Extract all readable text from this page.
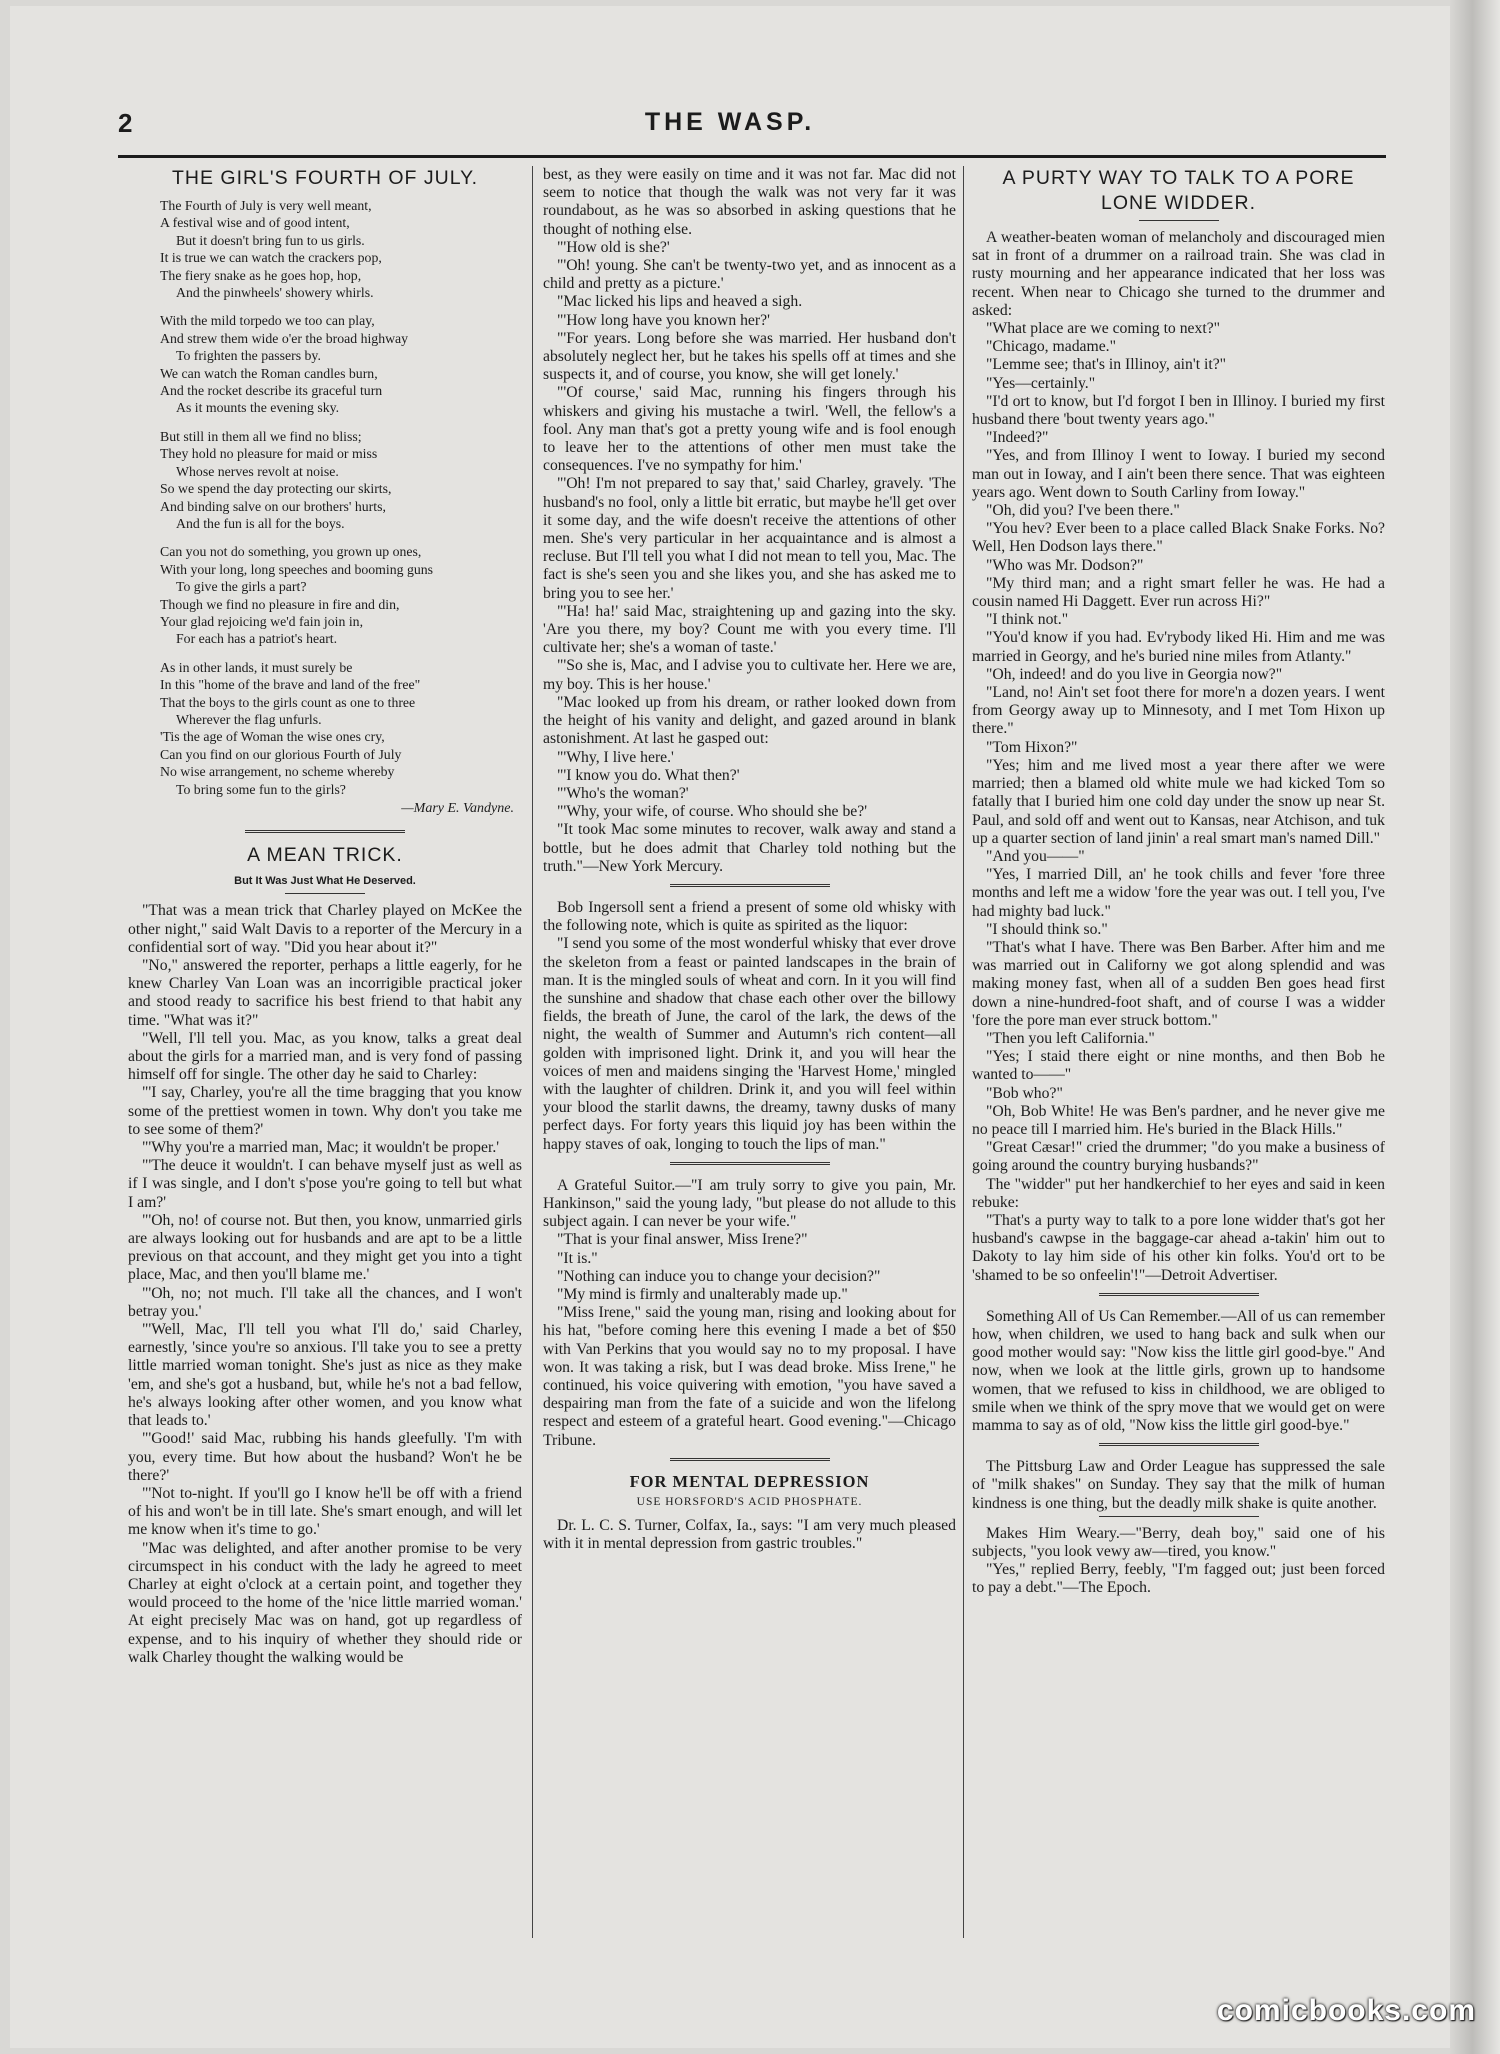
2	THE WASP.
THE GIRL'S FOURTH OF JULY.
The Fourth of July is very well meant,
A festival wise and of good intent,
But it doesn't bring fun to us girls.
It is true we can watch the crackers pop,
The fiery snake as he goes hop, hop,
And the pinwheels' showery whirls.
With the mild torpedo we too can play,
And strew them wide o'er the broad highway
To frighten the passers by.
We can watch the Roman candles burn,
And the rocket describe its graceful turn
As it mounts the evening sky.
But still in them all we find no bliss;
They hold no pleasure for maid or miss
Whose nerves revolt at noise.
So we spend the day protecting our skirts,
And binding salve on our brothers' hurts,
And the fun is all for the boys.
Can you not do something, you grown up ones,
With your long, long speeches and booming guns
To give the girls a part?
Though we find no pleasure in fire and din,
Your glad rejoicing we'd fain join in,
For each has a patriot's heart.
As in other lands, it must surely be
In this "home of the brave and land of the free"
That the boys to the girls count as one to three
Wherever the flag unfurls.
'Tis the age of Woman the wise ones cry,
Can you find on our glorious Fourth of July
No wise arrangement, no scheme whereby
To bring some fun to the girls?
—Mary E. Vandyne.
A MEAN TRICK.
But It Was Just What He Deserved.

"That was a mean trick that Charley played on McKee the other night," said Walt Davis to a reporter of the Mercury in a confidential sort of way. "Did you hear about it?"

"No," answered the reporter, perhaps a little eagerly, for he knew Charley Van Loan was an incorrigible practical joker and stood ready to sacrifice his best friend to that habit any time. "What was it?"

"Well, I'll tell you. Mac, as you know, talks a great deal about the girls for a married man, and is very fond of passing himself off for single. The other day he said to Charley:

"'I say, Charley, you're all the time bragging that you know some of the prettiest women in town. Why don't you take me to see some of them?'

"'Why you're a married man, Mac; it wouldn't be proper.'

"'The deuce it wouldn't. I can behave myself just as well as if I was single, and I don't s'pose you're going to tell but what I am?'

"'Oh, no! of course not. But then, you know, unmarried girls are always looking out for husbands and are apt to be a little previous on that account, and they might get you into a tight place, Mac, and then you'll blame me.'

"'Oh, no; not much. I'll take all the chances, and I won't betray you.'

"'Well, Mac, I'll tell you what I'll do,' said Charley, earnestly, 'since you're so anxious. I'll take you to see a pretty little married woman tonight. She's just as nice as they make 'em, and she's got a husband, but, while he's not a bad fellow, he's always looking after other women, and you know what that leads to.'

"'Good!' said Mac, rubbing his hands gleefully. 'I'm with you, every time. But how about the husband? Won't he be there?'

"'Not to-night. If you'll go I know he'll be off with a friend of his and won't be in till late. She's smart enough, and will let me know when it's time to go.'

"Mac was delighted, and after another promise to be very circumspect in his conduct with the lady he agreed to meet Charley at eight o'clock at a certain point, and together they would proceed to the home of the 'nice little married woman.' At eight precisely Mac was on hand, got up regardless of expense, and to his inquiry of whether they should ride or walk Charley thought the walking would be

best, as they were easily on time and it was not far. Mac did not seem to notice that though the walk was not very far it was roundabout, as he was so absorbed in asking questions that he thought of nothing else.

"'How old is she?'

"'Oh! young. She can't be twenty-two yet, and as innocent as a child and pretty as a picture.'

"Mac licked his lips and heaved a sigh.

"'How long have you known her?'

"'For years. Long before she was married. Her husband don't absolutely neglect her, but he takes his spells off at times and she suspects it, and of course, you know, she will get lonely.'

"'Of course,' said Mac, running his fingers through his whiskers and giving his mustache a twirl. 'Well, the fellow's a fool. Any man that's got a pretty young wife and is fool enough to leave her to the attentions of other men must take the consequences. I've no sympathy for him.'

"'Oh! I'm not prepared to say that,' said Charley, gravely. 'The husband's no fool, only a little bit erratic, but maybe he'll get over it some day, and the wife doesn't receive the attentions of other men. She's very particular in her acquaintance and is almost a recluse. But I'll tell you what I did not mean to tell you, Mac. The fact is she's seen you and she likes you, and she has asked me to bring you to see her.'

"'Ha! ha!' said Mac, straightening up and gazing into the sky. 'Are you there, my boy? Count me with you every time. I'll cultivate her; she's a woman of taste.'

"'So she is, Mac, and I advise you to cultivate her. Here we are, my boy. This is her house.'

"Mac looked up from his dream, or rather looked down from the height of his vanity and delight, and gazed around in blank astonishment. At last he gasped out:

"'Why, I live here.'

"'I know you do. What then?'

"'Who's the woman?'

"'Why, your wife, of course. Who should she be?'

"It took Mac some minutes to recover, walk away and stand a bottle, but he does admit that Charley told nothing but the truth."—New York Mercury.

Bob Ingersoll sent a friend a present of some old whisky with the following note, which is quite as spirited as the liquor:

"I send you some of the most wonderful whisky that ever drove the skeleton from a feast or painted landscapes in the brain of man. It is the mingled souls of wheat and corn. In it you will find the sunshine and shadow that chase each other over the billowy fields, the breath of June, the carol of the lark, the dews of the night, the wealth of Summer and Autumn's rich content—all golden with imprisoned light. Drink it, and you will hear the voices of men and maidens singing the 'Harvest Home,' mingled with the laughter of children. Drink it, and you will feel within your blood the starlit dawns, the dreamy, tawny dusks of many perfect days. For forty years this liquid joy has been within the happy staves of oak, longing to touch the lips of man."

A Grateful Suitor.—"I am truly sorry to give you pain, Mr. Hankinson," said the young lady, "but please do not allude to this subject again. I can never be your wife."

"That is your final answer, Miss Irene?"

"It is."

"Nothing can induce you to change your decision?"

"My mind is firmly and unalterably made up."

"Miss Irene," said the young man, rising and looking about for his hat, "before coming here this evening I made a bet of $50 with Van Perkins that you would say no to my proposal. I have won. It was taking a risk, but I was dead broke. Miss Irene," he continued, his voice quivering with emotion, "you have saved a despairing man from the fate of a suicide and won the lifelong respect and esteem of a grateful heart. Good evening."—Chicago Tribune.

FOR MENTAL DEPRESSION
USE HORSFORD'S ACID PHOSPHATE.

Dr. L. C. S. Turner, Colfax, Ia., says: "I am very much pleased with it in mental depression from gastric troubles."

A PURTY WAY TO TALK TO A PORE LONE WIDDER.

A weather-beaten woman of melancholy and discouraged mien sat in front of a drummer on a railroad train. She was clad in rusty mourning and her appearance indicated that her loss was recent. When near to Chicago she turned to the drummer and asked:

"What place are we coming to next?"

"Chicago, madame."

"Lemme see; that's in Illinoy, ain't it?"

"Yes—certainly."

"I'd ort to know, but I'd forgot I ben in Illinoy. I buried my first husband there 'bout twenty years ago."

"Indeed?"

"Yes, and from Illinoy I went to Ioway. I buried my second man out in Ioway, and I ain't been there sence. That was eighteen years ago. Went down to South Carliny from Ioway."

"Oh, did you? I've been there."

"You hev? Ever been to a place called Black Snake Forks. No? Well, Hen Dodson lays there."

"Who was Mr. Dodson?"

"My third man; and a right smart feller he was. He had a cousin named Hi Daggett. Ever run across Hi?"

"I think not."

"You'd know if you had. Ev'rybody liked Hi. Him and me was married in Georgy, and he's buried nine miles from Atlanty."

"Oh, indeed! and do you live in Georgia now?"

"Land, no! Ain't set foot there for more'n a dozen years. I went from Georgy away up to Minnesoty, and I met Tom Hixon up there."

"Tom Hixon?"

"Yes; him and me lived most a year there after we were married; then a blamed old white mule we had kicked Tom so fatally that I buried him one cold day under the snow up near St. Paul, and sold off and went out to Kansas, near Atchison, and tuk up a quarter section of land jinin' a real smart man's named Dill."

"And you——"

"Yes, I married Dill, an' he took chills and fever 'fore three months and left me a widow 'fore the year was out. I tell you, I've had mighty bad luck."

"I should think so."

"That's what I have. There was Ben Barber. After him and me was married out in Californy we got along splendid and was making money fast, when all of a sudden Ben goes head first down a nine-hundred-foot shaft, and of course I was a widder 'fore the pore man ever struck bottom."

"Then you left California."

"Yes; I staid there eight or nine months, and then Bob he wanted to——"

"Bob who?"

"Oh, Bob White! He was Ben's pardner, and he never give me no peace till I married him. He's buried in the Black Hills."

"Great Cæsar!" cried the drummer; "do you make a business of going around the country burying husbands?"

The "widder" put her handkerchief to her eyes and said in keen rebuke:

"That's a purty way to talk to a pore lone widder that's got her husband's cawpse in the baggage-car ahead a-takin' him out to Dakoty to lay him side of his other kin folks. You'd ort to be 'shamed to be so onfeelin'!"—Detroit Advertiser.

Something All of Us Can Remember.—All of us can remember how, when children, we used to hang back and sulk when our good mother would say: "Now kiss the little girl good-bye." And now, when we look at the little girls, grown up to handsome women, that we refused to kiss in childhood, we are obliged to smile when we think of the spry move that we would get on were mamma to say as of old, "Now kiss the little girl good-bye."

The Pittsburg Law and Order League has suppressed the sale of "milk shakes" on Sunday. They say that the milk of human kindness is one thing, but the deadly milk shake is quite another.

Makes Him Weary.—"Berry, deah boy," said one of his subjects, "you look vewy aw—tired, you know."

"Yes," replied Berry, feebly, "I'm fagged out; just been forced to pay a debt."—The Epoch.

comicbooks.com
